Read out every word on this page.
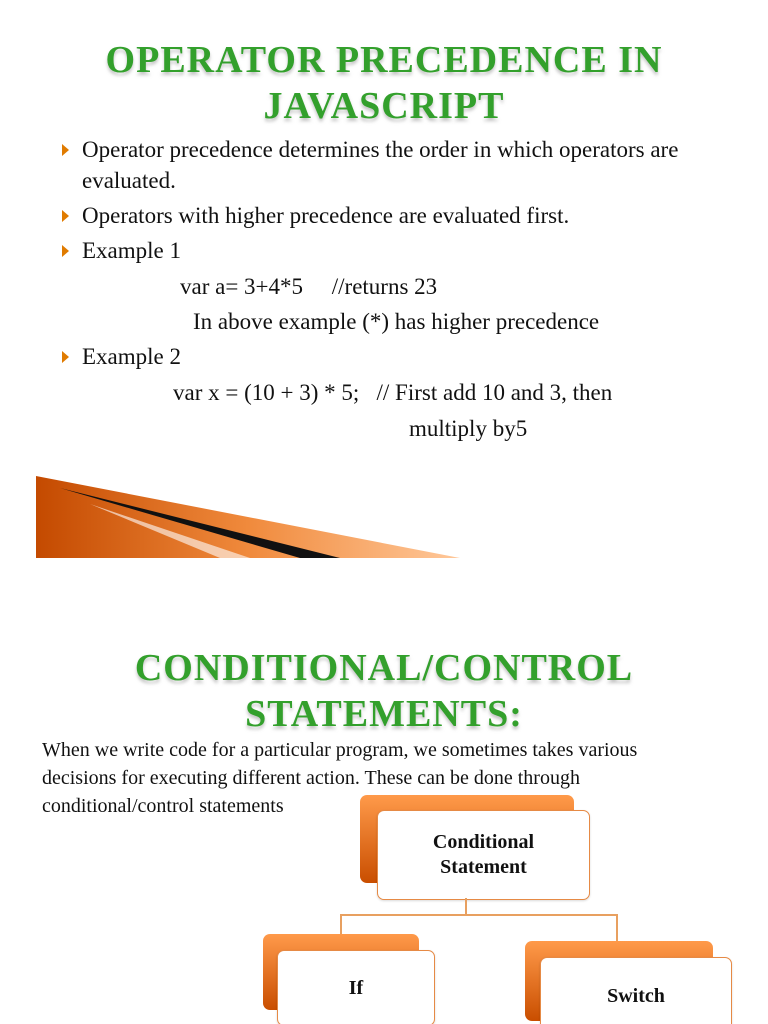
OPERATOR PRECEDENCE IN
JAVASCRIPT
Operator precedence determines the order in which operators are evaluated.
Operators with higher precedence are evaluated first.
Example 1
var a= 3+4*5     //returns 23
In above example (*) has higher precedence
Example 2
var x = (10 + 3) * 5;   // First add 10 and 3, then
multiply by5
CONDITIONAL/CONTROL
STATEMENTS:
When we write code for a particular program, we sometimes takes various decisions for executing different action. These can be done through conditional/control statements
Conditional Statement
If	Switch
